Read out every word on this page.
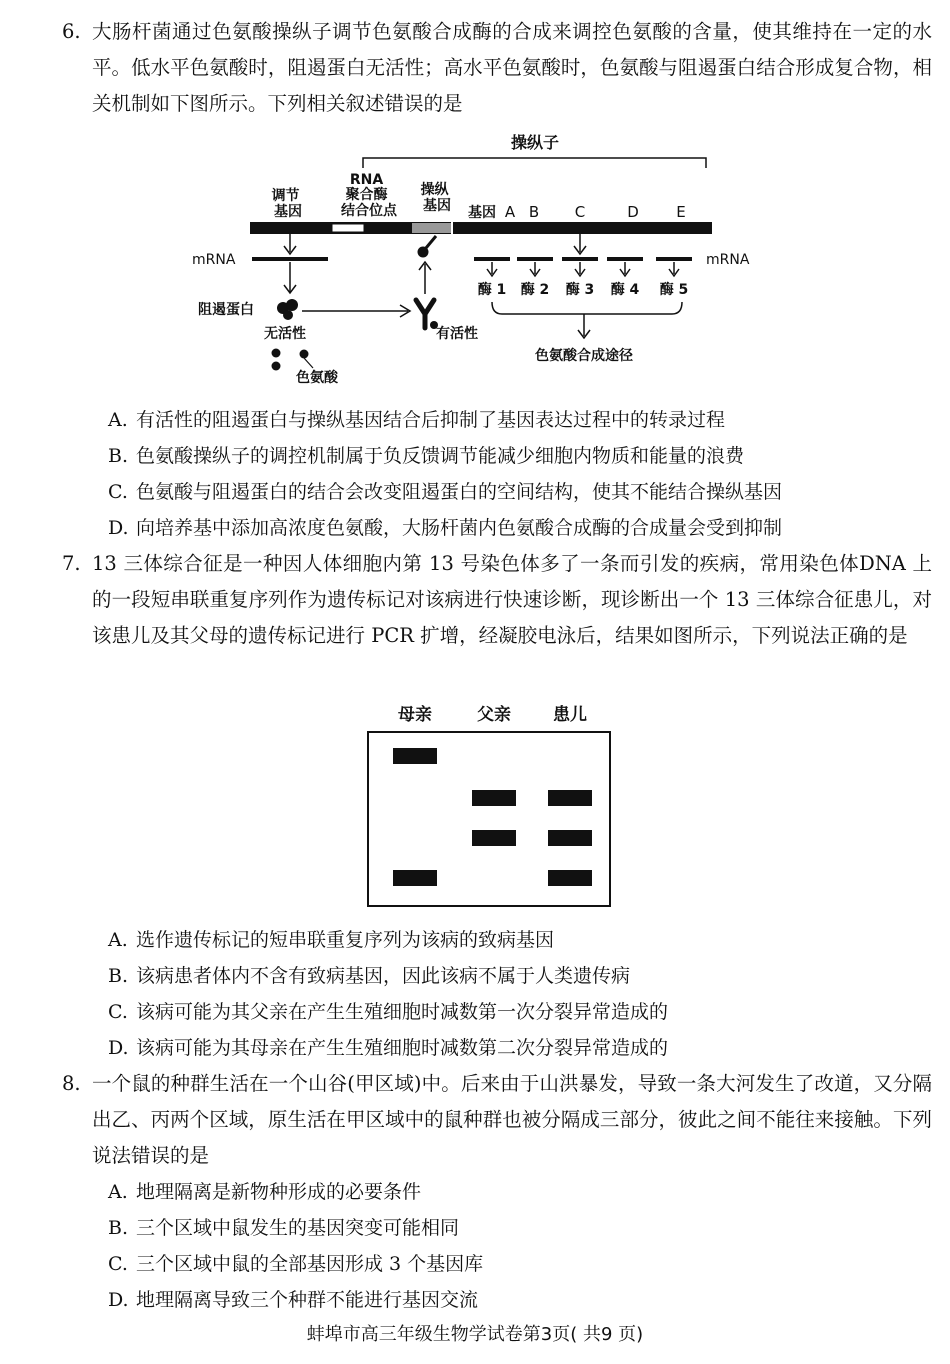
6. 大肠杆菌通过色氨酸操纵子调节色氨酸合成酶的合成来调控色氨酸的含量，使其维持在一定的水平。低水平色氨酸时，阻遏蛋白无活性；高水平色氨酸时，色氨酸与阻遏蛋白结合形成复合物，相关机制如下图所示。下列相关叙述错误的是
操纵子
调节 基因
RNA 聚合酶 结合位点
操纵 基因 基因 A B C	D E
mRNA
阻遏蛋白
无活性
色氨酸
有活性
mRNA
酶 1 酶 2 酶 3 酶 4 酶 5
色氨酸合成途径
A. 有活性的阻遏蛋白与操纵基因结合后抑制了基因表达过程中的转录过程
B. 色氨酸操纵子的调控机制属于负反馈调节能减少细胞内物质和能量的浪费
C. 色氨酸与阻遏蛋白的结合会改变阻遏蛋白的空间结构，使其不能结合操纵基因
D. 向培养基中添加高浓度色氨酸，大肠杆菌内色氨酸合成酶的合成量会受到抑制
7. 13 三体综合征是一种因人体细胞内第 13 号染色体多了一条而引发的疾病，常用染色体DNA 上的一段短串联重复序列作为遗传标记对该病进行快速诊断，现诊断出一个 13 三体综合征患儿，对该患儿及其父母的遗传标记进行 PCR 扩增，经凝胶电泳后，结果如图所示，下列说法正确的是
母亲	父亲 患儿
A. 选作遗传标记的短串联重复序列为该病的致病基因
B. 该病患者体内不含有致病基因，因此该病不属于人类遗传病
C. 该病可能为其父亲在产生生殖细胞时减数第一次分裂异常造成的
D. 该病可能为其母亲在产生生殖细胞时减数第二次分裂异常造成的
8. 一个鼠的种群生活在一个山谷(甲区域)中。后来由于山洪暴发，导致一条大河发生了改道，又分隔出乙、丙两个区域，原生活在甲区域中的鼠种群也被分隔成三部分，彼此之间不能往来接触。下列说法错误的是
A. 地理隔离是新物种形成的必要条件
B. 三个区域中鼠发生的基因突变可能相同
C. 三个区域中鼠的全部基因形成 3 个基因库
D. 地理隔离导致三个种群不能进行基因交流
蚌埠市高三年级生物学试卷第3页( 共9 页)
